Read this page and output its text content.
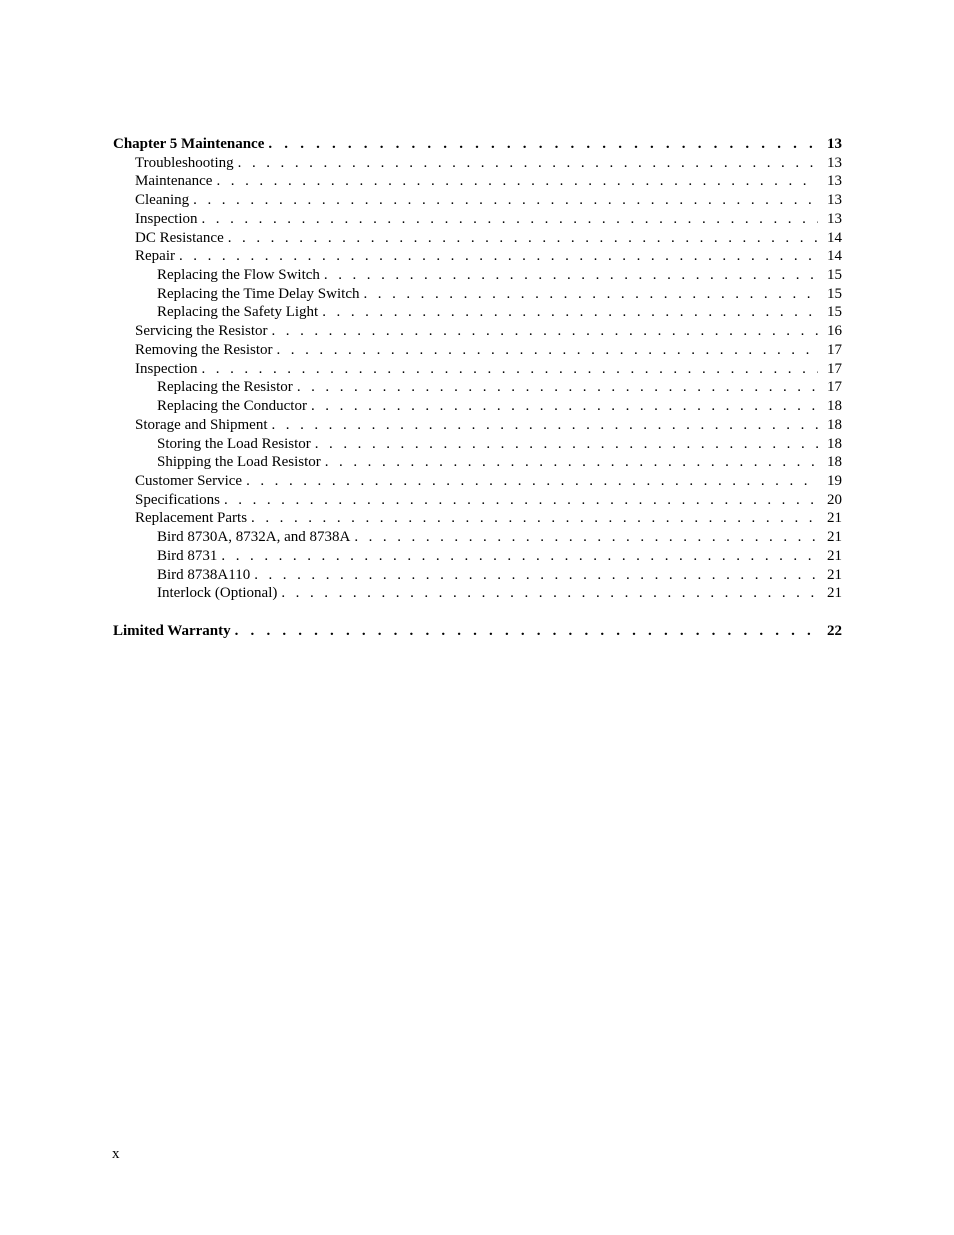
Chapter 5 Maintenance . . .	13
Troubleshooting . . .	13
Maintenance . . .	13
Cleaning . . .	13
Inspection . . .	13
DC Resistance . . .	14
Repair . . .	14
Replacing the Flow Switch . . .	15
Replacing the Time Delay Switch . . .	15
Replacing the Safety Light . . .	15
Servicing the Resistor . . .	16
Removing the Resistor . . .	17
Inspection . . .	17
Replacing the Resistor . . .	17
Replacing the Conductor . . .	18
Storage and Shipment . . .	18
Storing the Load Resistor . . .	18
Shipping the Load Resistor . . .	18
Customer Service . . .	19
Specifications . . .	20
Replacement Parts . . .	21
Bird 8730A, 8732A, and 8738A . . .	21
Bird 8731 . . .	21
Bird 8738A110 . . .	21
Interlock (Optional) . . .	21
Limited Warranty . . .	22
x
